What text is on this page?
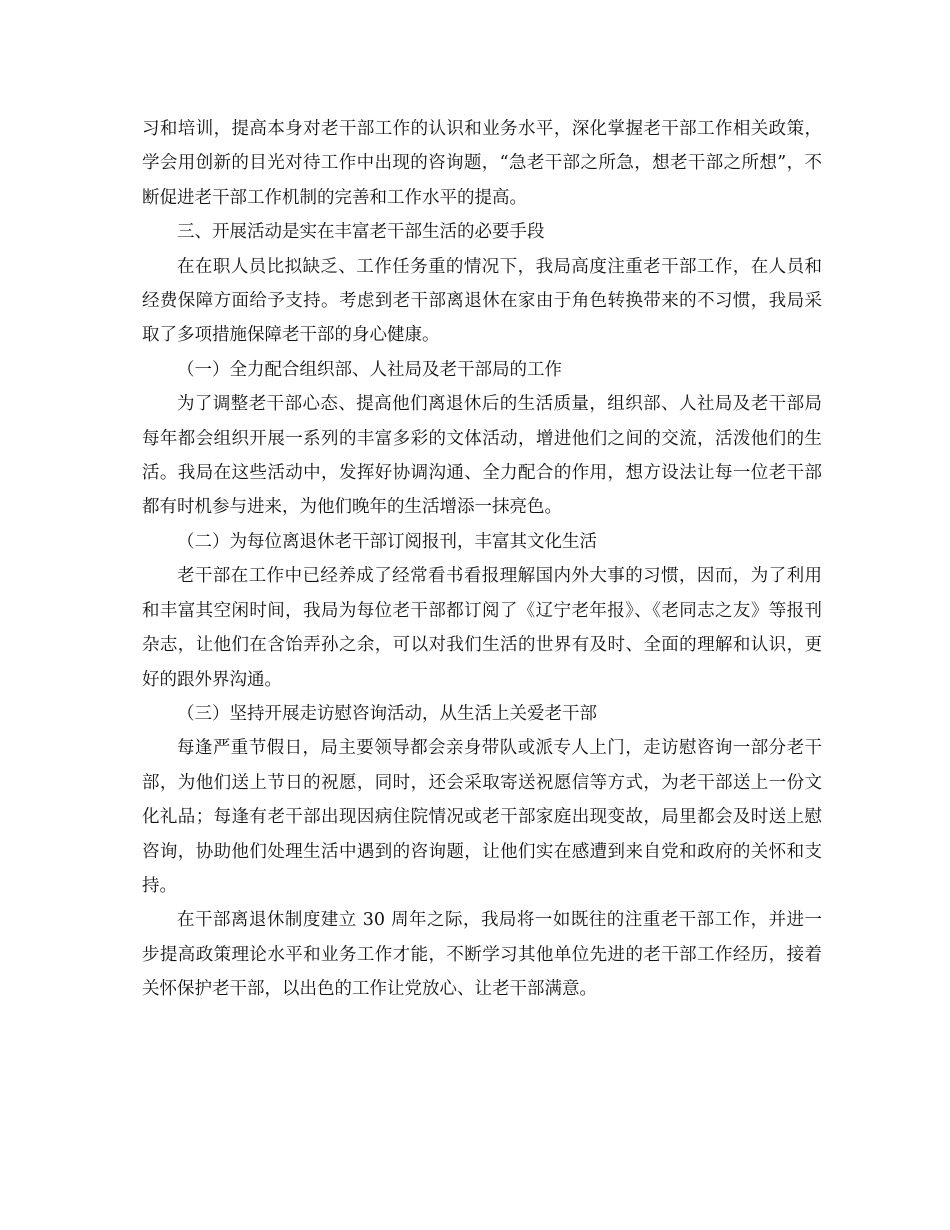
习和培训，提高本身对老干部工作的认识和业务水平，深化掌握老干部工作相关政策，学会用创新的目光对待工作中出现的咨询题，“急老干部之所急，想老干部之所想”，不断促进老干部工作机制的完善和工作水平的提高。

三、开展活动是实在丰富老干部生活的必要手段

在在职人员比拟缺乏、工作任务重的情况下，我局高度注重老干部工作，在人员和经费保障方面给予支持。考虑到老干部离退休在家由于角色转换带来的不习惯，我局采取了多项措施保障老干部的身心健康。

（一）全力配合组织部、人社局及老干部局的工作

为了调整老干部心态、提高他们离退休后的生活质量，组织部、人社局及老干部局每年都会组织开展一系列的丰富多彩的文体活动，增进他们之间的交流，活泼他们的生活。我局在这些活动中，发挥好协调沟通、全力配合的作用，想方设法让每一位老干部都有时机参与进来，为他们晚年的生活增添一抹亮色。

（二）为每位离退休老干部订阅报刊，丰富其文化生活

老干部在工作中已经养成了经常看书看报理解国内外大事的习惯，因而，为了利用和丰富其空闲时间，我局为每位老干部都订阅了《辽宁老年报》、《老同志之友》等报刊杂志，让他们在含饴弄孙之余，可以对我们生活的世界有及时、全面的理解和认识，更好的跟外界沟通。

（三）坚持开展走访慰咨询活动，从生活上关爱老干部

每逢严重节假日，局主要领导都会亲身带队或派专人上门，走访慰咨询一部分老干部，为他们送上节日的祝愿，同时，还会采取寄送祝愿信等方式，为老干部送上一份文化礼品；每逢有老干部出现因病住院情况或老干部家庭出现变故，局里都会及时送上慰咨询，协助他们处理生活中遇到的咨询题，让他们实在感遭到来自党和政府的关怀和支持。

在干部离退休制度建立 30 周年之际，我局将一如既往的注重老干部工作，并进一步提高政策理论水平和业务工作才能，不断学习其他单位先进的老干部工作经历，接着关怀保护老干部，以出色的工作让党放心、让老干部满意。
